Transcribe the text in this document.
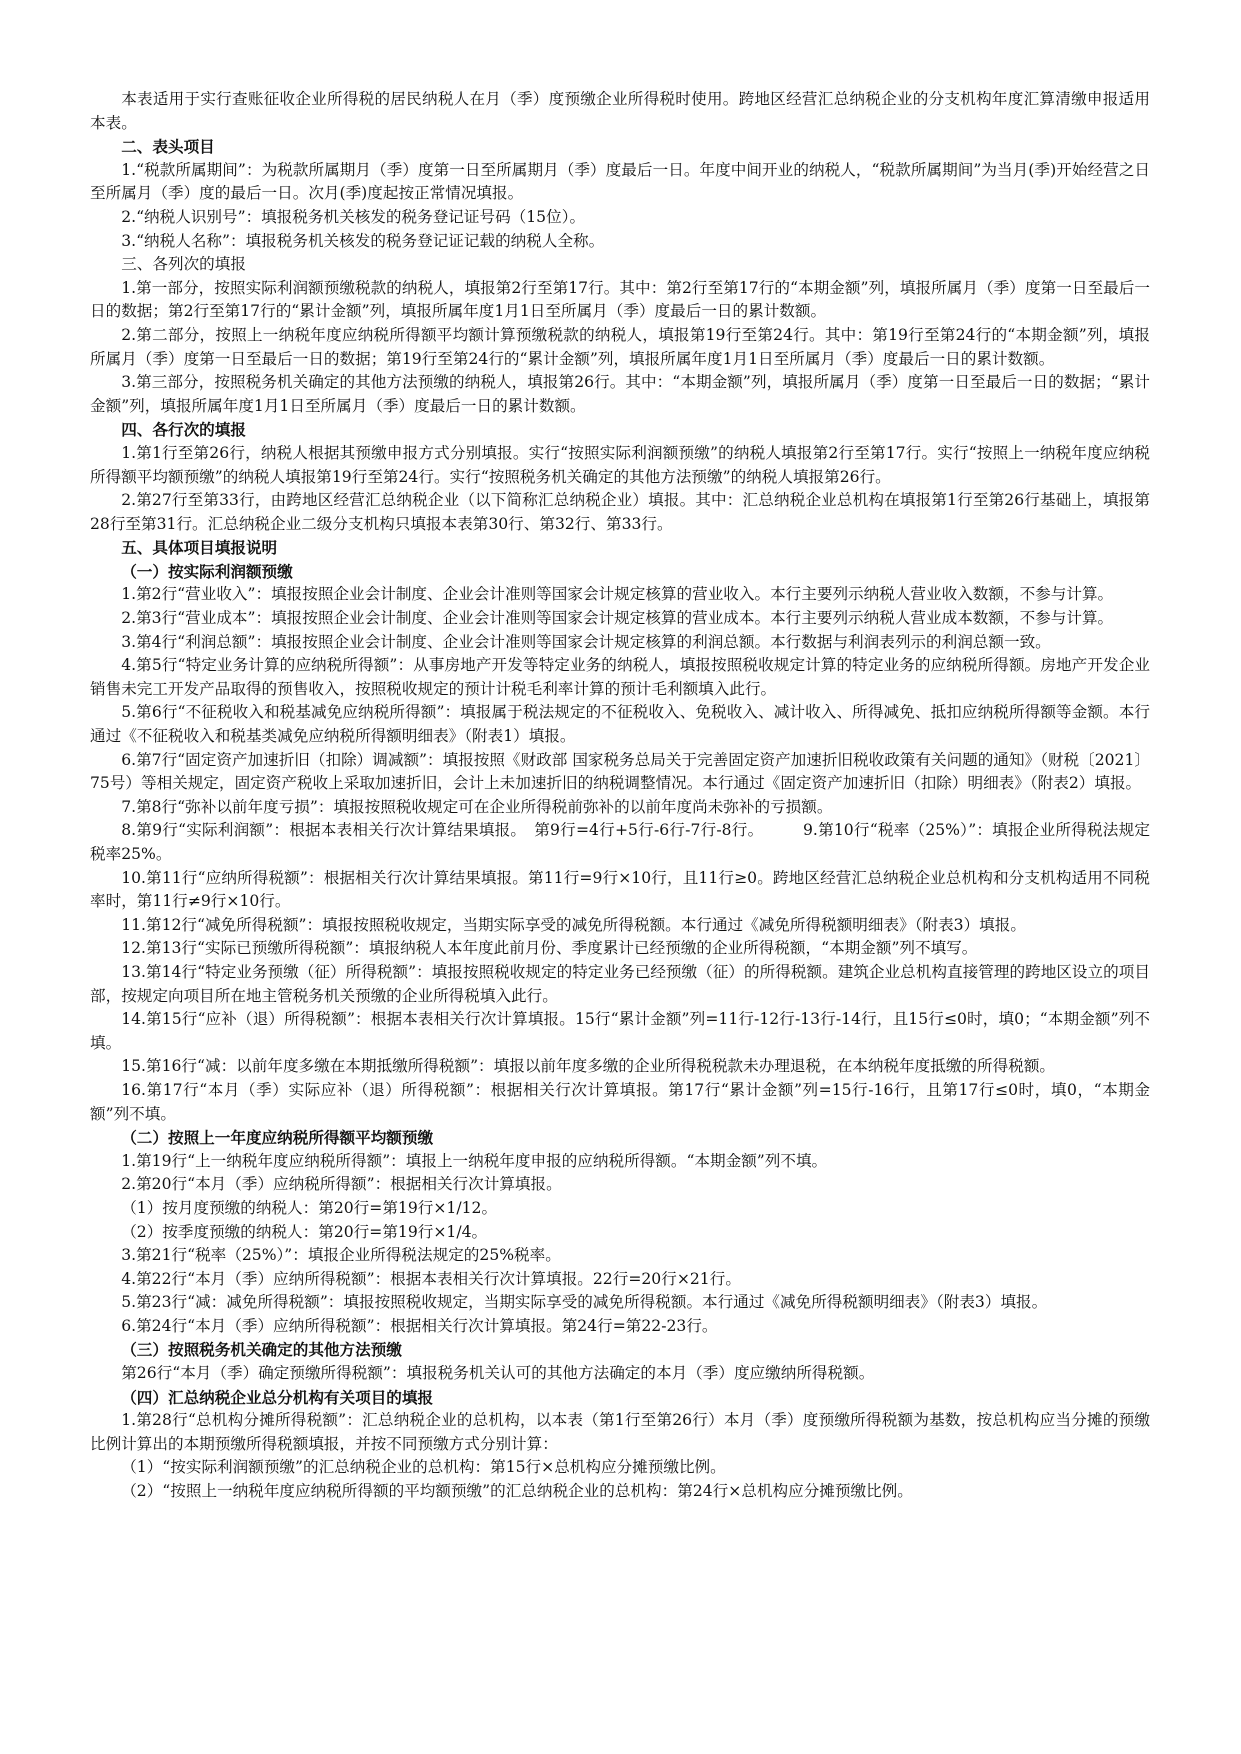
本表适用于实行查账征收企业所得税的居民纳税人在月（季）度预缴企业所得税时使用。跨地区经营汇总纳税企业的分支机构年度汇算清缴申报适用本表。

二、表头项目

1.“税款所属期间”：为税款所属期月（季）度第一日至所属期月（季）度最后一日。年度中间开业的纳税人，“税款所属期间”为当月(季)开始经营之日至所属月（季）度的最后一日。次月(季)度起按正常情况填报。

2.“纳税人识别号”：填报税务机关核发的税务登记证号码（15位）。

3.“纳税人名称”：填报税务机关核发的税务登记证记载的纳税人全称。

三、各列次的填报

1.第一部分，按照实际利润额预缴税款的纳税人，填报第2行至第17行。其中：第2行至第17行的“本期金额”列，填报所属月（季）度第一日至最后一日的数据；第2行至第17行的“累计金额”列，填报所属年度1月1日至所属月（季）度最后一日的累计数额。

2.第二部分，按照上一纳税年度应纳税所得额平均额计算预缴税款的纳税人，填报第19行至第24行。其中：第19行至第24行的“本期金额”列，填报所属月（季）度第一日至最后一日的数据；第19行至第24行的“累计金额”列，填报所属年度1月1日至所属月（季）度最后一日的累计数额。

3.第三部分，按照税务机关确定的其他方法预缴的纳税人，填报第26行。其中：“本期金额”列，填报所属月（季）度第一日至最后一日的数据；“累计金额”列，填报所属年度1月1日至所属月（季）度最后一日的累计数额。

四、各行次的填报

1.第1行至第26行，纳税人根据其预缴申报方式分别填报。实行“按照实际利润额预缴”的纳税人填报第2行至第17行。实行“按照上一纳税年度应纳税所得额平均额预缴”的纳税人填报第19行至第24行。实行“按照税务机关确定的其他方法预缴”的纳税人填报第26行。

2.第27行至第33行，由跨地区经营汇总纳税企业（以下简称汇总纳税企业）填报。其中：汇总纳税企业总机构在填报第1行至第26行基础上，填报第28行至第31行。汇总纳税企业二级分支机构只填报本表第30行、第32行、第33行。

五、具体项目填报说明

（一）按实际利润额预缴

1.第2行“营业收入”：填报按照企业会计制度、企业会计准则等国家会计规定核算的营业收入。本行主要列示纳税人营业收入数额，不参与计算。

2.第3行“营业成本”：填报按照企业会计制度、企业会计准则等国家会计规定核算的营业成本。本行主要列示纳税人营业成本数额，不参与计算。

3.第4行“利润总额”：填报按照企业会计制度、企业会计准则等国家会计规定核算的利润总额。本行数据与利润表列示的利润总额一致。

4.第5行“特定业务计算的应纳税所得额”：从事房地产开发等特定业务的纳税人，填报按照税收规定计算的特定业务的应纳税所得额。房地产开发企业销售未完工开发产品取得的预售收入，按照税收规定的预计计税毛利率计算的预计毛利额填入此行。

5.第6行“不征税收入和税基减免应纳税所得额”：填报属于税法规定的不征税收入、免税收入、减计收入、所得减免、抵扣应纳税所得额等金额。本行通过《不征税收入和税基类减免应纳税所得额明细表》（附表1）填报。

6.第7行“固定资产加速折旧（扣除）调减额”：填报按照《财政部 国家税务总局关于完善固定资产加速折旧税收政策有关问题的通知》（财税〔2021〕75号）等相关规定，固定资产税收上采取加速折旧，会计上未加速折旧的纳税调整情况。本行通过《固定资产加速折旧（扣除）明细表》（附表2）填报。

7.第8行“弥补以前年度亏损”：填报按照税收规定可在企业所得税前弥补的以前年度尚未弥补的亏损额。

8.第9行“实际利润额”：根据本表相关行次计算结果填报。　第9行=4行+5行-6行-7行-8行。　　　9.第10行“税率（25%）”：填报企业所得税法规定税率25%。

10.第11行“应纳所得税额”：根据相关行次计算结果填报。第11行=9行×10行，且11行≥0。跨地区经营汇总纳税企业总机构和分支机构适用不同税率时，第11行≠9行×10行。

11.第12行“减免所得税额”：填报按照税收规定，当期实际享受的减免所得税额。本行通过《减免所得税额明细表》（附表3）填报。

12.第13行“实际已预缴所得税额”：填报纳税人本年度此前月份、季度累计已经预缴的企业所得税额，“本期金额”列不填写。

13.第14行“特定业务预缴（征）所得税额”：填报按照税收规定的特定业务已经预缴（征）的所得税额。建筑企业总机构直接管理的跨地区设立的项目部，按规定向项目所在地主管税务机关预缴的企业所得税填入此行。

14.第15行“应补（退）所得税额”：根据本表相关行次计算填报。15行“累计金额”列=11行-12行-13行-14行，且15行≤0时，填0；“本期金额”列不填。

15.第16行“减：以前年度多缴在本期抵缴所得税额”：填报以前年度多缴的企业所得税税款未办理退税，在本纳税年度抵缴的所得税额。

16.第17行“本月（季）实际应补（退）所得税额”：根据相关行次计算填报。第17行“累计金额”列=15行-16行，且第17行≤0时，填0，“本期金额”列不填。

（二）按照上一年度应纳税所得额平均额预缴

1.第19行“上一纳税年度应纳税所得额”：填报上一纳税年度申报的应纳税所得额。“本期金额”列不填。

2.第20行“本月（季）应纳税所得额”：根据相关行次计算填报。

（1）按月度预缴的纳税人：第20行=第19行×1/12。

（2）按季度预缴的纳税人：第20行=第19行×1/4。

3.第21行“税率（25%）”：填报企业所得税法规定的25%税率。

4.第22行“本月（季）应纳所得税额”：根据本表相关行次计算填报。22行=20行×21行。

5.第23行“减：减免所得税额”：填报按照税收规定，当期实际享受的减免所得税额。本行通过《减免所得税额明细表》（附表3）填报。

6.第24行“本月（季）应纳所得税额”：根据相关行次计算填报。第24行=第22-23行。

（三）按照税务机关确定的其他方法预缴

第26行“本月（季）确定预缴所得税额”：填报税务机关认可的其他方法确定的本月（季）度应缴纳所得税额。

（四）汇总纳税企业总分机构有关项目的填报

1.第28行“总机构分摊所得税额”：汇总纳税企业的总机构，以本表（第1行至第26行）本月（季）度预缴所得税额为基数，按总机构应当分摊的预缴比例计算出的本期预缴所得税额填报，并按不同预缴方式分别计算：

（1）“按实际利润额预缴”的汇总纳税企业的总机构：第15行×总机构应分摊预缴比例。

（2）“按照上一纳税年度应纳税所得额的平均额预缴”的汇总纳税企业的总机构：第24行×总机构应分摊预缴比例。
